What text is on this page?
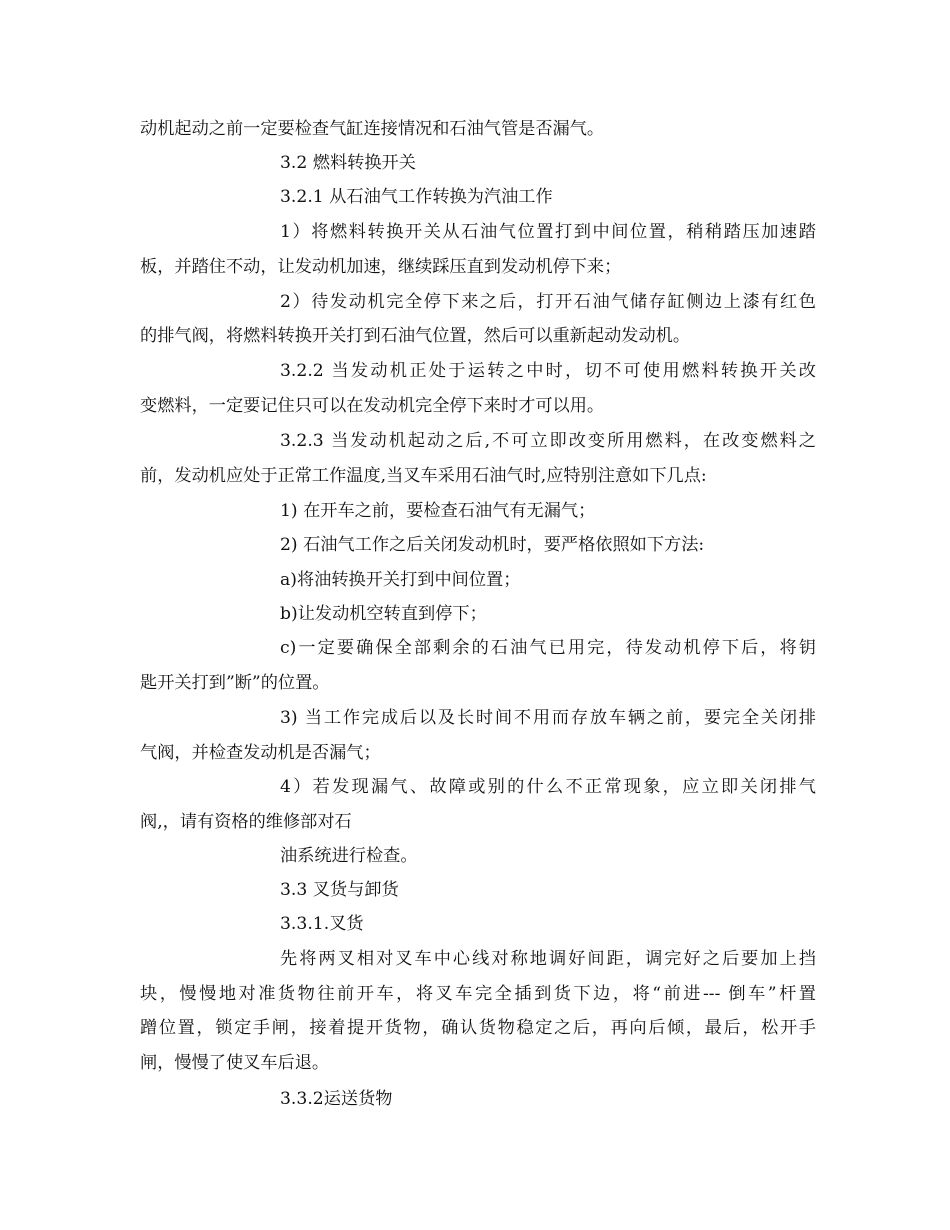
动机起动之前一定要检查气缸连接情况和石油气管是否漏气。
3.2 燃料转换开关
3.2.1 从石油气工作转换为汽油工作
1）将燃料转换开关从石油气位置打到中间位置，稍稍踏压加速踏
板，并踏住不动，让发动机加速，继续踩压直到发动机停下来；
2）待发动机完全停下来之后，打开石油气储存缸侧边上漆有红色
的排气阀，将燃料转换开关打到石油气位置，然后可以重新起动发动机。
3.2.2 当发动机正处于运转之中时，切不可使用燃料转换开关改
变燃料，一定要记住只可以在发动机完全停下来时才可以用。
3.2.3 当发动机起动之后,不可立即改变所用燃料，在改变燃料之
前，发动机应处于正常工作温度,当叉车采用石油气时,应特别注意如下几点:
1) 在开车之前，要检查石油气有无漏气；
2) 石油气工作之后关闭发动机时，要严格依照如下方法:
a)将油转换开关打到中间位置；
b)让发动机空转直到停下；
c)一定要确保全部剩余的石油气已用完，待发动机停下后，将钥
匙开关打到”断”的位置。
3) 当工作完成后以及长时间不用而存放车辆之前，要完全关闭排
气阀，并检查发动机是否漏气；
4）若发现漏气、故障或别的什么不正常现象，应立即关闭排气
阀,，请有资格的维修部对石
油系统进行检查。
3.3 叉货与卸货
3.3.1.叉货
先将两叉相对叉车中心线对称地调好间距，调完好之后要加上挡
块，慢慢地对准货物往前开车，将叉车完全插到货下边，将“前进--- 倒车”杆置
蹭位置，锁定手闸，接着提开货物，确认货物稳定之后，再向后倾，最后，松开手
闸，慢慢了使叉车后退。
3.3.2运送货物
